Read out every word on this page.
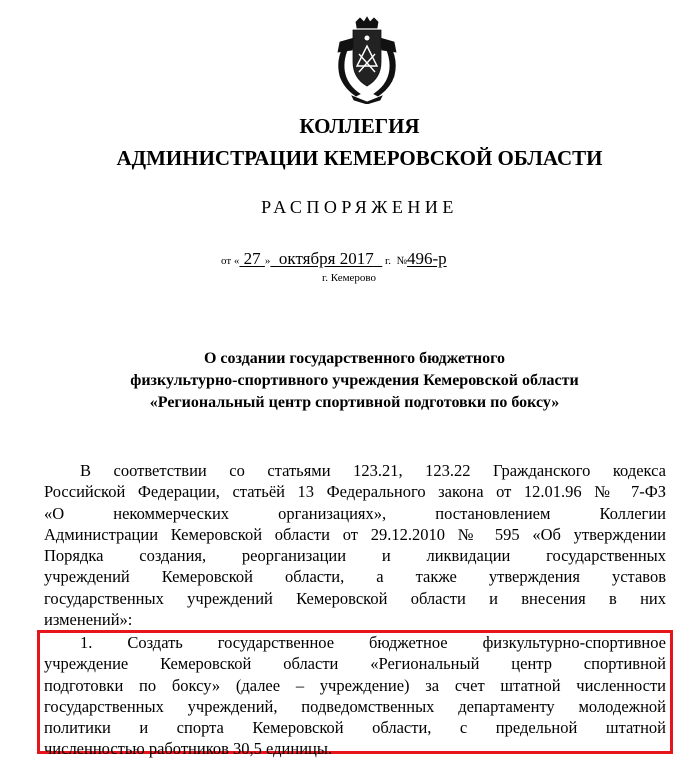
КОЛЛЕГИЯ
АДМИНИСТРАЦИИ КЕМЕРОВСКОЙ ОБЛАСТИ
РАСПОРЯЖЕНИЕ
от « 27 » октября 2017 г. №496-р
г. Кемерово
О создании государственного бюджетного
физкультурно-спортивного учреждения Кемеровской области
«Региональный центр спортивной подготовки по боксу»
В соответствии со статьями 123.21, 123.22 Гражданского кодекса
Российской Федерации, статьёй 13 Федерального закона от 12.01.96 № 7-ФЗ
«О некоммерческих организациях», постановлением Коллегии
Администрации Кемеровской области от 29.12.2010 № 595 «Об утверждении
Порядка создания, реорганизации и ликвидации государственных
учреждений Кемеровской области, а также утверждения уставов
государственных учреждений Кемеровской области и внесения в них
изменений»:
1. Создать государственное бюджетное физкультурно-спортивное
учреждение Кемеровской области «Региональный центр спортивной
подготовки по боксу» (далее – учреждение) за счет штатной численности
государственных учреждений, подведомственных департаменту молодежной
политики и спорта Кемеровской области, с предельной штатной
численностью работников 30,5 единицы.
